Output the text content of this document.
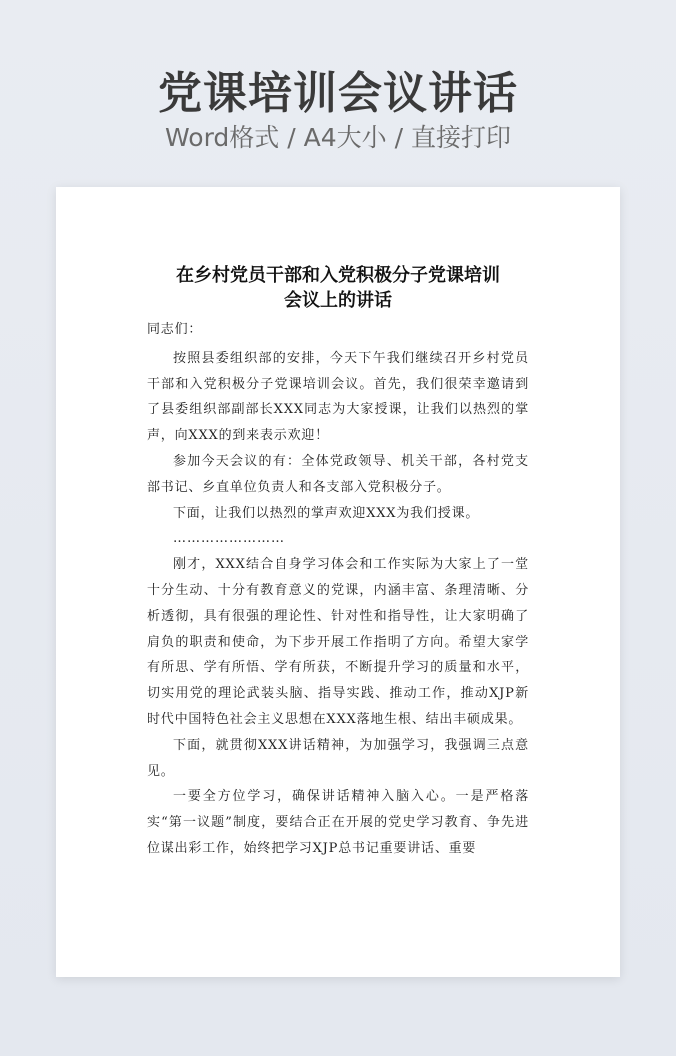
党课培训会议讲话
Word格式 / A4大小 / 直接打印
在乡村党员干部和入党积极分子党课培训
会议上的讲话

同志们：

按照县委组织部的安排，今天下午我们继续召开乡村党员干部和入党积极分子党课培训会议。首先，我们很荣幸邀请到了县委组织部副部长XXX同志为大家授课，让我们以热烈的掌声，向XXX的到来表示欢迎！

参加今天会议的有：全体党政领导、机关干部，各村党支部书记、乡直单位负责人和各支部入党积极分子。

下面，让我们以热烈的掌声欢迎XXX为我们授课。

……………………

刚才，XXX结合自身学习体会和工作实际为大家上了一堂十分生动、十分有教育意义的党课，内涵丰富、条理清晰、分析透彻，具有很强的理论性、针对性和指导性，让大家明确了肩负的职责和使命，为下步开展工作指明了方向。希望大家学有所思、学有所悟、学有所获，不断提升学习的质量和水平，切实用党的理论武装头脑、指导实践、推动工作，推动XJP新时代中国特色社会主义思想在XXX落地生根、结出丰硕成果。

下面，就贯彻XXX讲话精神，为加强学习，我强调三点意见。

一要全方位学习，确保讲话精神入脑入心。一是严格落实“第一议题”制度，要结合正在开展的党史学习教育、争先进位谋出彩工作，始终把学习XJP总书记重要讲话、重要
